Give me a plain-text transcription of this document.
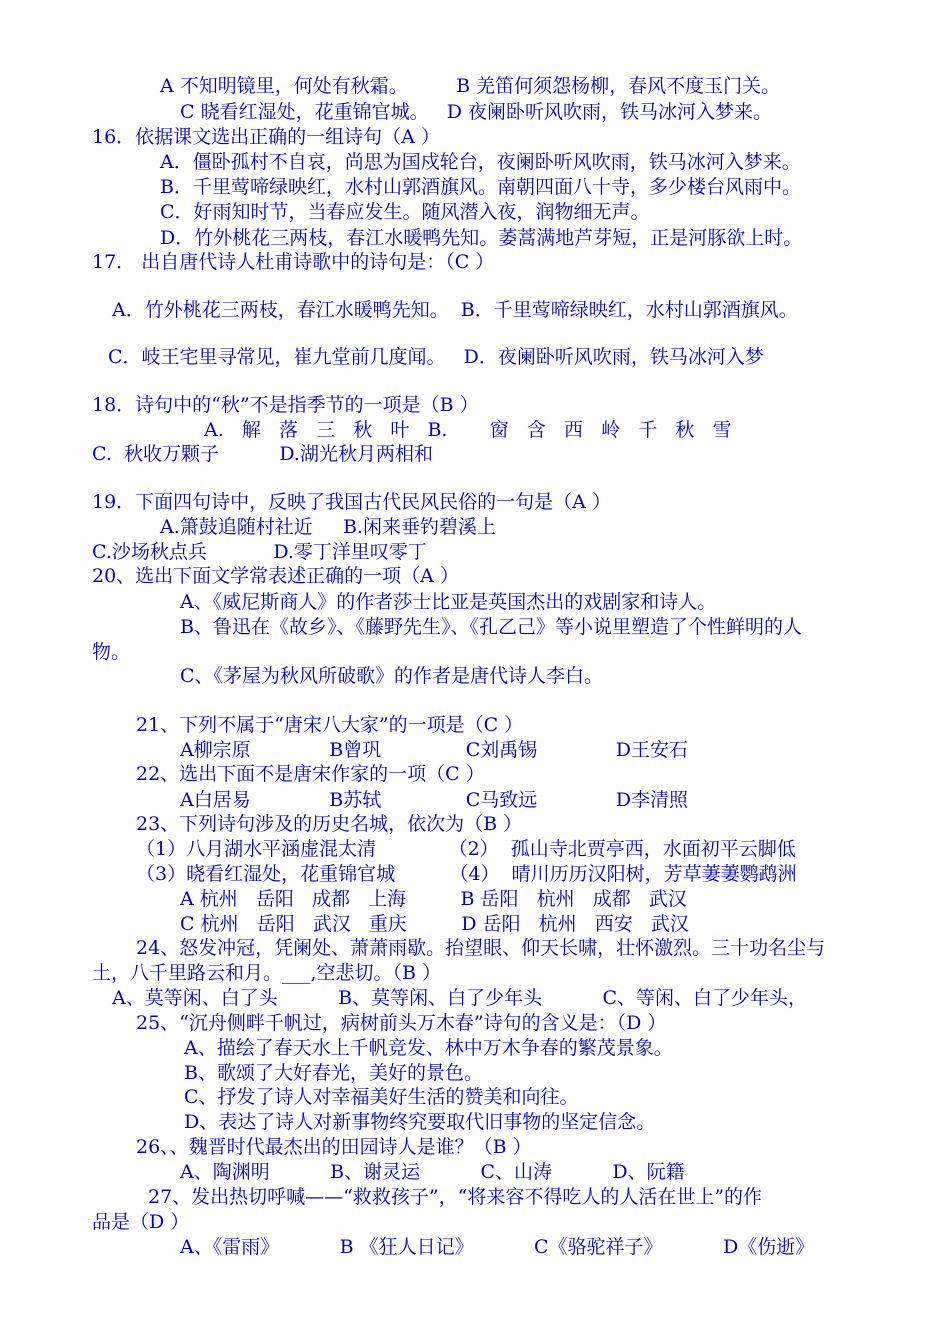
A 不知明镜里，何处有秋霜。        B 羌笛何须怨杨柳，春风不度玉门关。
C 晓看红湿处，花重锦官城。   D 夜阑卧听风吹雨，铁马冰河入梦来。
16．依据课文选出正确的一组诗句（A ）
A．僵卧孤村不自哀，尚思为国戍轮台，夜阑卧听风吹雨，铁马冰河入梦来。
B．千里莺啼绿映红，水村山郭酒旗风。南朝四面八十寺，多少楼台风雨中。
C．好雨知时节，当春应发生。随风潜入夜，润物细无声。
D．竹外桃花三两枝，春江水暖鸭先知。萎蒿满地芦芽短，正是河豚欲上时。
17． 出自唐代诗人杜甫诗歌中的诗句是：（C ）
A．竹外桃花三两枝，春江水暖鸭先知。  B．千里莺啼绿映红，水村山郭酒旗风。
C．岐王宅里寻常见，崔九堂前几度闻。   D．夜阑卧听风吹雨，铁马冰河入梦
18．诗句中的“秋”不是指季节的一项是（B ）
A.   解   落   三   秋   叶   B.       窗   含   西   岭   千   秋   雪
C.  秋收万颗子          D.湖光秋月两相和
19．下面四句诗中，反映了我国古代民风民俗的一句是（A ）
A.箫鼓追随村社近     B.闲来垂钓碧溪上
C.沙场秋点兵           D.零丁洋里叹零丁
20、选出下面文学常表述正确的一项（A ）
A、《威尼斯商人》的作者莎士比亚是英国杰出的戏剧家和诗人。
B、鲁迅在《故乡》、《藤野先生》、《孔乙己》等小说里塑造了个性鲜明的人
物。
C、《茅屋为秋风所破歌》的作者是唐代诗人李白。
21、下列不属于“唐宋八大家”的一项是（C ）
A柳宗原             B曾巩              C刘禹锡             D王安石
22、选出下面不是唐宋作家的一项（C ）
A白居易             B苏轼              C马致远             D李清照
23、下列诗句涉及的历史名城，依次为（B ）
（1）八月湖水平涵虚混太清            （2）  孤山寺北贾亭西，水面初平云脚低
（3）晓看红湿处，花重锦官城         （4）  晴川历历汉阳树，芳草萋萋鹦鹉洲
A 杭州   岳阳   成都   上海         B 岳阳   杭州   成都   武汉
C 杭州   岳阳   武汉   重庆         D 岳阳   杭州   西安   武汉
24、怒发冲冠，凭阑处、萧萧雨歇。抬望眼、仰天长啸，壮怀激烈。三十功名尘与
土，八千里路云和月。___,空悲切。（B ）
A、莫等闲、白了头          B、莫等闲、白了少年头          C、等闲、白了少年头，
25、“沉舟侧畔千帆过，病树前头万木春”诗句的含义是：（D ）
A、描绘了春天水上千帆竞发、林中万木争春的繁茂景象。
B、歌颂了大好春光，美好的景色。
C、抒发了诗人对幸福美好生活的赞美和向往。
D、表达了诗人对新事物终究要取代旧事物的坚定信念。
26、、魏晋时代最杰出的田园诗人是谁？（B ）
A、陶渊明          B、谢灵运          C、山涛          D、阮籍
27、发出热切呼喊——“救救孩子”，“将来容不得吃人的人活在世上”的作
品是（D ）
A、《雷雨》          B 《狂人日记》          C《骆驼祥子》          D《伤逝》
